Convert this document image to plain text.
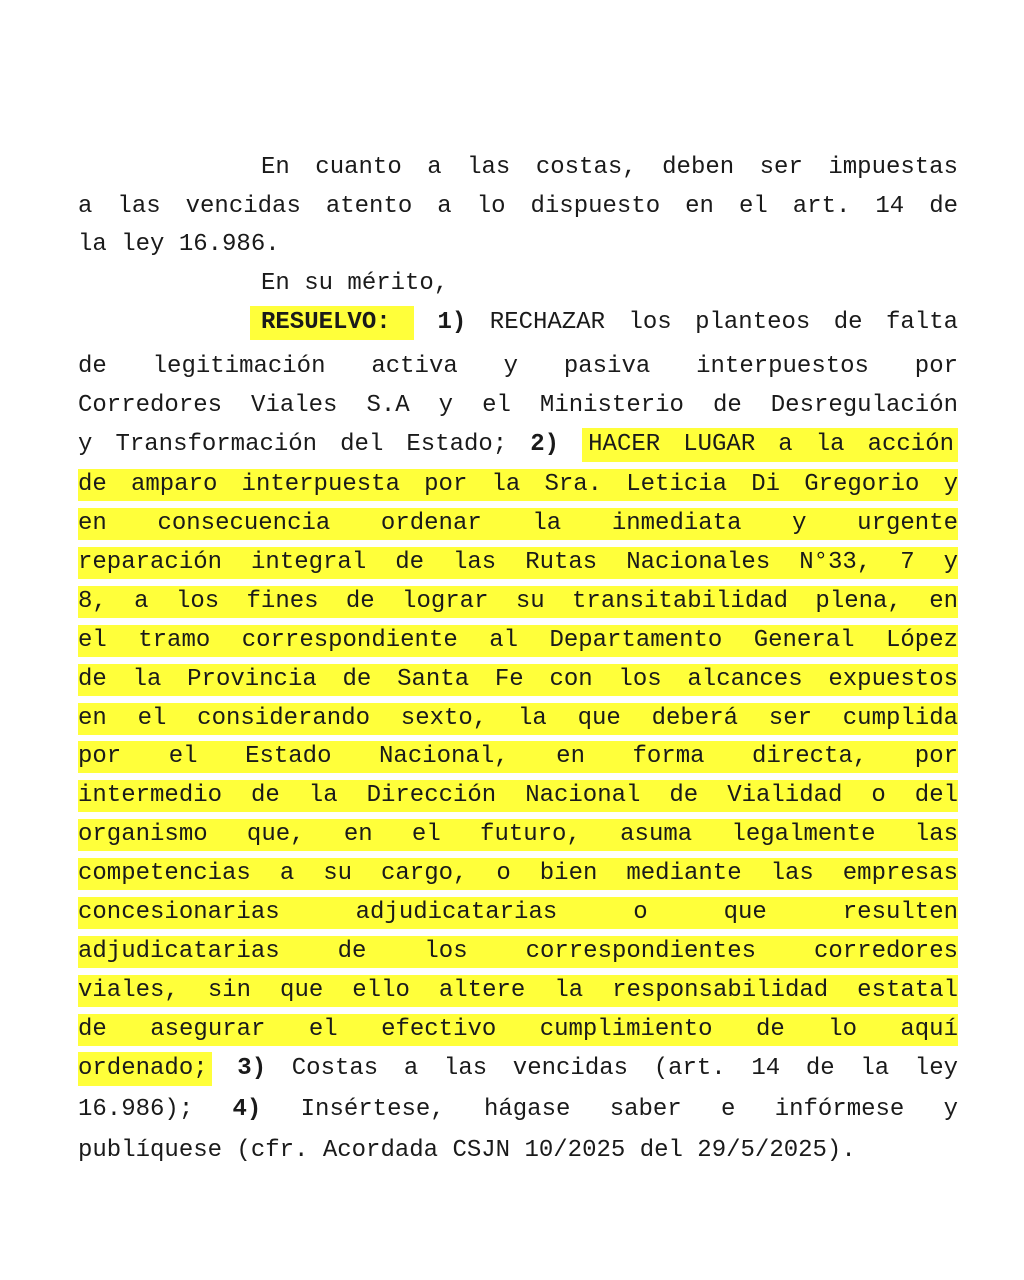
En cuanto a las costas, deben ser impuestas
a las vencidas atento a lo dispuesto en el art. 14 de
la ley 16.986.
En su mérito,
RESUELVO: 1) RECHAZAR los planteos de falta
de legitimación activa y pasiva interpuestos por
Corredores Viales S.A y el Ministerio de Desregulación
y Transformación del Estado; 2) HACER LUGAR a la acción
de amparo interpuesta por la Sra. Leticia Di Gregorio y
en consecuencia ordenar la inmediata y urgente
reparación integral de las Rutas Nacionales N°33, 7 y
8, a los fines de lograr su transitabilidad plena, en
el tramo correspondiente al Departamento General López
de la Provincia de Santa Fe con los alcances expuestos
en el considerando sexto, la que deberá ser cumplida
por el Estado Nacional, en forma directa, por
intermedio de la Dirección Nacional de Vialidad o del
organismo que, en el futuro, asuma legalmente las
competencias a su cargo, o bien mediante las empresas
concesionarias adjudicatarias o que resulten
adjudicatarias de los correspondientes corredores
viales, sin que ello altere la responsabilidad estatal
de asegurar el efectivo cumplimiento de lo aquí
ordenado; 3) Costas a las vencidas (art. 14 de la ley
16.986); 4) Insértese, hágase saber e infórmese y
publíquese (cfr. Acordada CSJN 10/2025 del 29/5/2025).
